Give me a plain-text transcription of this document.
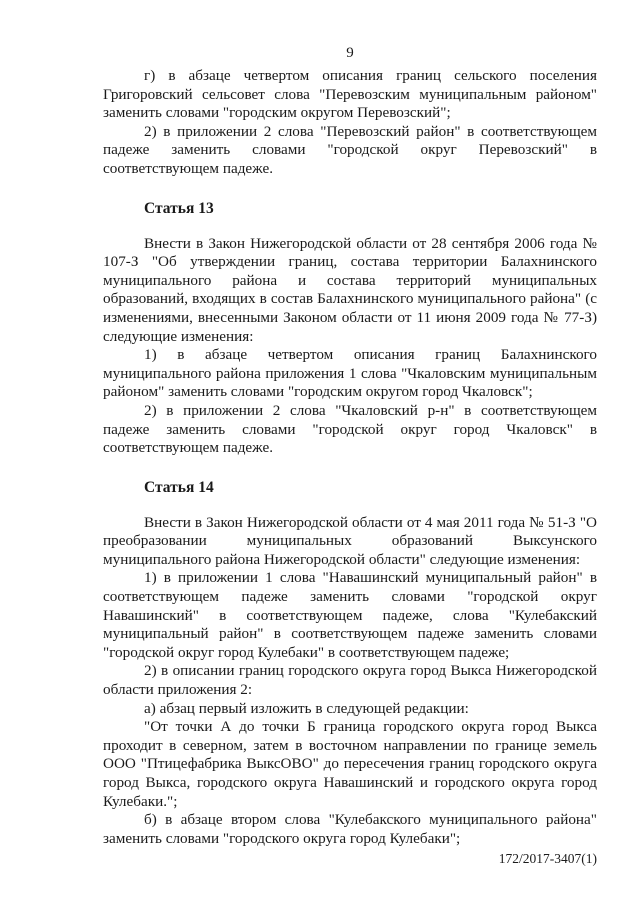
9

г) в абзаце четвертом описания границ сельского поселения Григоровский сельсовет слова "Перевозским муниципальным районом" заменить словами "городским округом Перевозский";

2) в приложении 2 слова "Перевозский район" в соответствующем падеже заменить словами "городской округ Перевозский" в соответствующем падеже.

Статья 13

Внести в Закон Нижегородской области от 28 сентября 2006 года № 107-З "Об утверждении границ, состава территории Балахнинского муниципального района и состава территорий муниципальных образований, входящих в состав Балахнинского муниципального района" (с изменениями, внесенными Законом области от 11 июня 2009 года № 77-З) следующие изменения:

1) в абзаце четвертом описания границ Балахнинского муниципального района приложения 1 слова "Чкаловским муниципальным районом" заменить словами "городским округом город Чкаловск";

2) в приложении 2 слова "Чкаловский р-н" в соответствующем падеже заменить словами "городской округ город Чкаловск" в соответствующем падеже.

Статья 14

Внести в Закон Нижегородской области от 4 мая 2011 года № 51-З "О преобразовании муниципальных образований Выксунского муниципального района Нижегородской области" следующие изменения:

1) в приложении 1 слова "Навашинский муниципальный район" в соответствующем падеже заменить словами "городской округ Навашинский" в соответствующем падеже, слова "Кулебакский муниципальный район" в соответствующем падеже заменить словами "городской округ город Кулебаки" в соответствующем падеже;

2) в описании границ городского округа город Выкса Нижегородской области приложения 2:

а) абзац первый изложить в следующей редакции:

"От точки А до точки Б граница городского округа город Выкса проходит в северном, затем в восточном направлении по границе земель ООО "Птицефабрика ВыксОВО" до пересечения границ городского округа город Выкса, городского округа Навашинский и городского округа город Кулебаки.";

б) в абзаце втором слова "Кулебакского муниципального района" заменить словами "городского округа город Кулебаки";

172/2017-3407(1)
